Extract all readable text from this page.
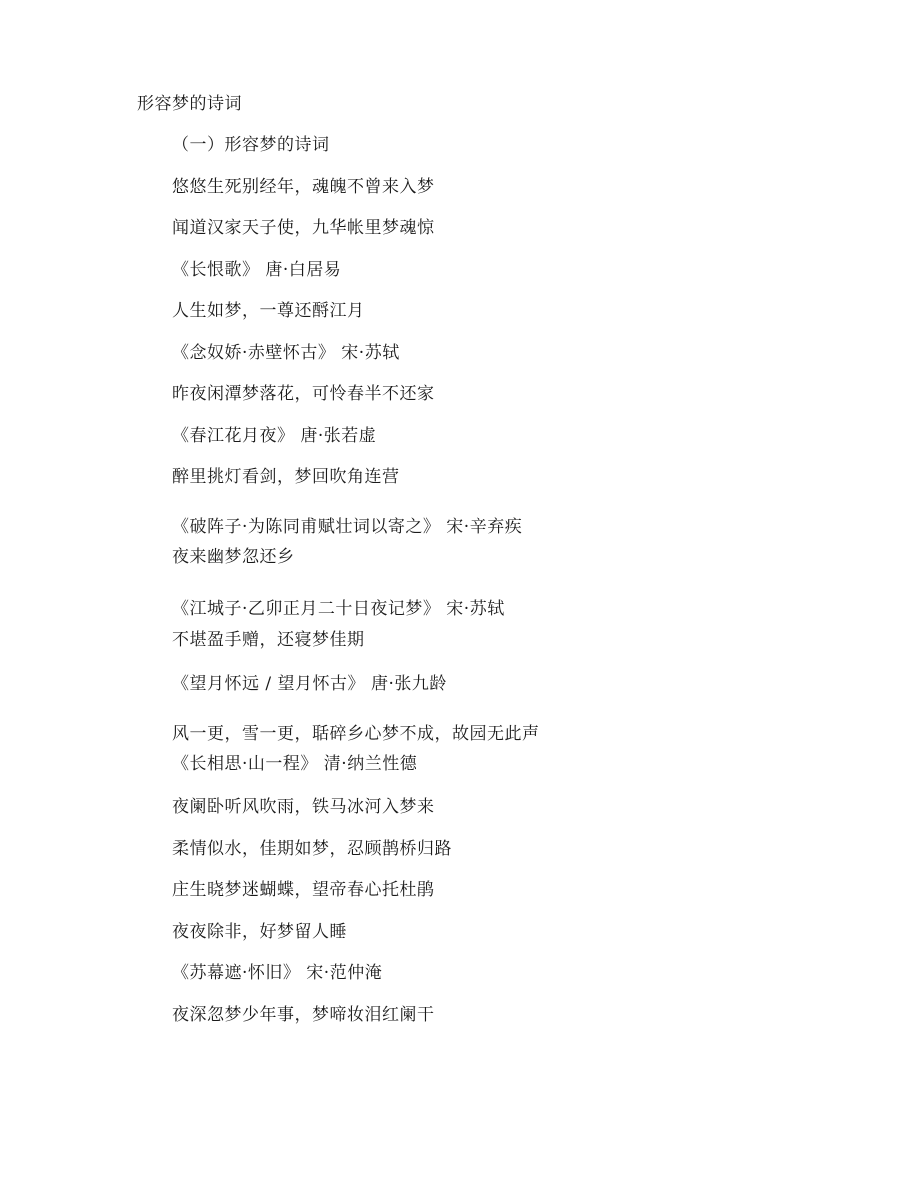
形容梦的诗词
（一）形容梦的诗词
悠悠生死别经年，魂魄不曾来入梦
闻道汉家天子使，九华帐里梦魂惊
《长恨歌》 唐·白居易
人生如梦，一尊还酹江月
《念奴娇·赤壁怀古》 宋·苏轼
昨夜闲潭梦落花，可怜春半不还家
《春江花月夜》 唐·张若虚
醉里挑灯看剑，梦回吹角连营
《破阵子·为陈同甫赋壮词以寄之》 宋·辛弃疾
夜来幽梦忽还乡
《江城子·乙卯正月二十日夜记梦》 宋·苏轼
不堪盈手赠，还寝梦佳期
《望月怀远 / 望月怀古》 唐·张九龄
风一更，雪一更，聒碎乡心梦不成，故园无此声
《长相思·山一程》 清·纳兰性德
夜阑卧听风吹雨，铁马冰河入梦来
柔情似水，佳期如梦，忍顾鹊桥归路
庄生晓梦迷蝴蝶，望帝春心托杜鹃
夜夜除非，好梦留人睡
《苏幕遮·怀旧》 宋·范仲淹
夜深忽梦少年事，梦啼妆泪红阑干
